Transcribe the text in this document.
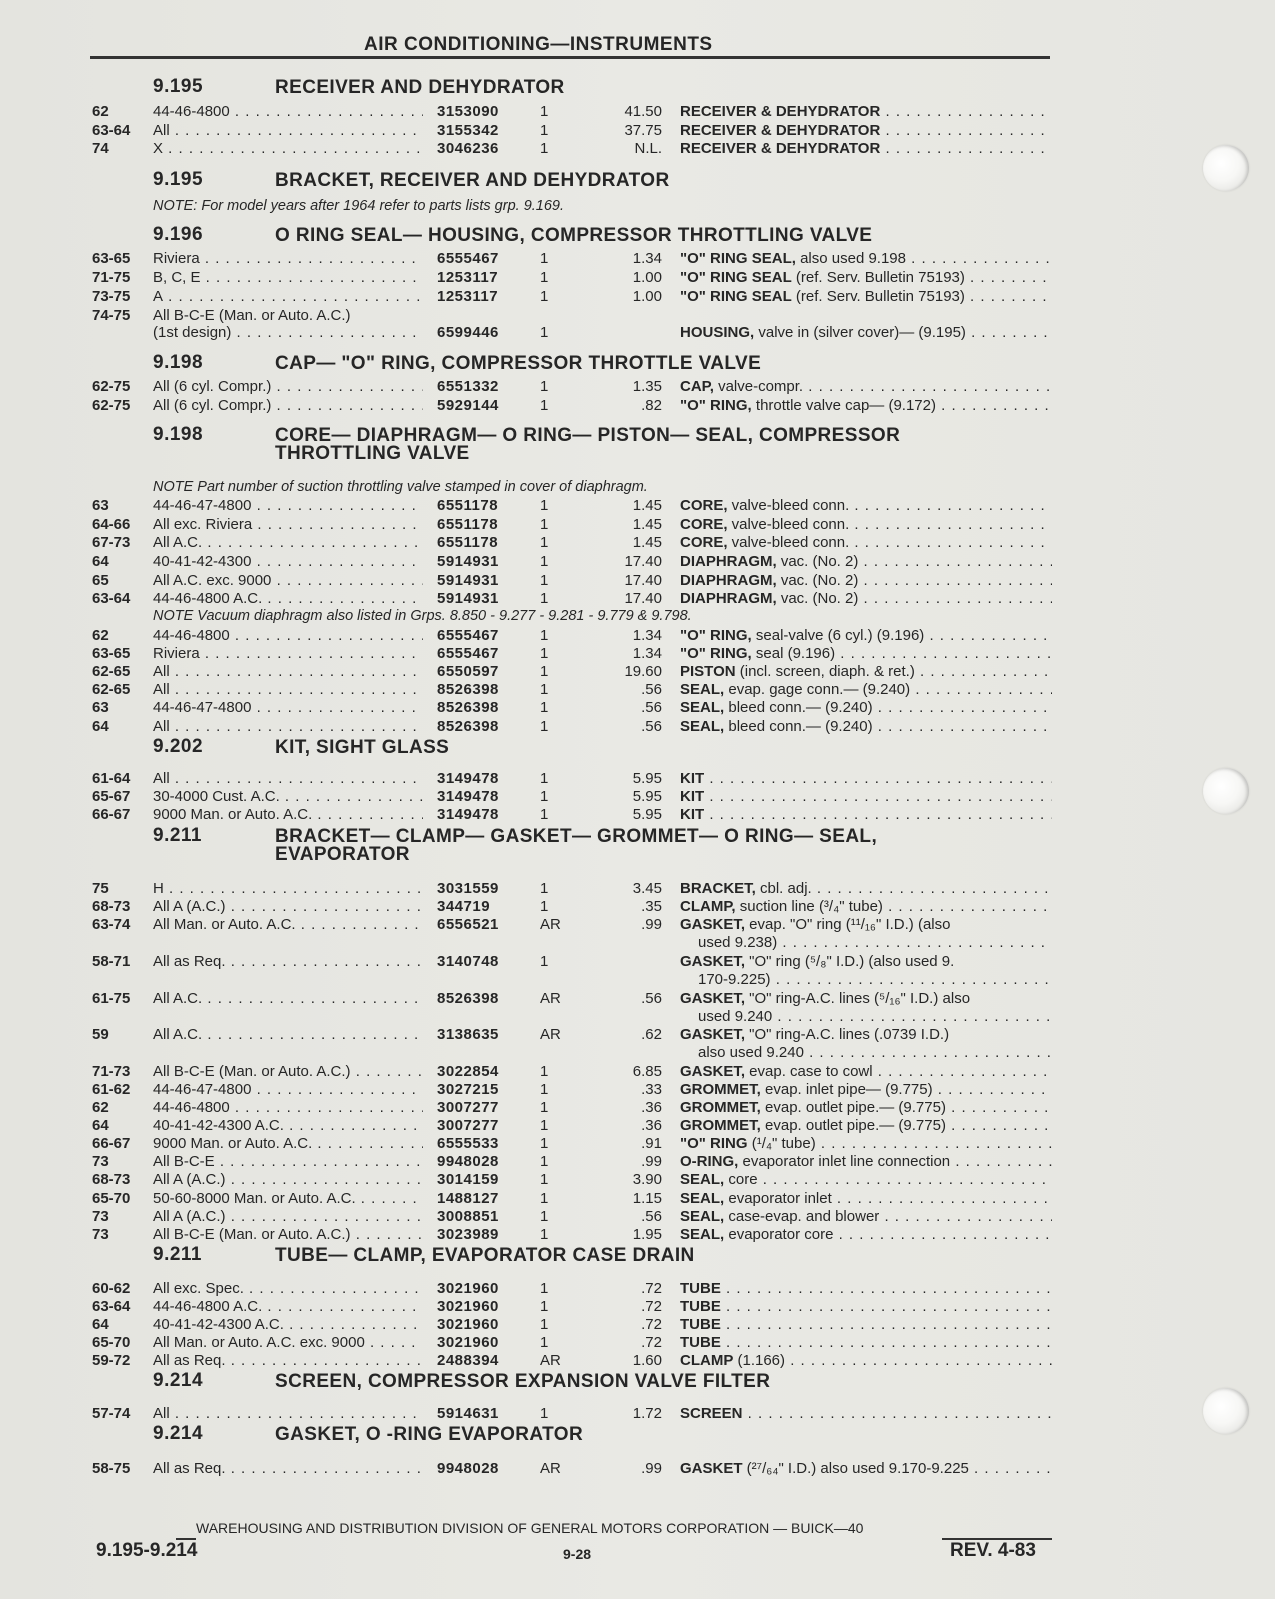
AIR CONDITIONING—INSTRUMENTS
9.195	RECEIVER AND DEHYDRATOR
9.195	BRACKET, RECEIVER AND DEHYDRATOR
9.196	O RING SEAL— HOUSING, COMPRESSOR THROTTLING VALVE
9.198	CAP— "O" RING, COMPRESSOR THROTTLE VALVE
9.198	CORE— DIAPHRAGM— O RING— PISTON— SEAL, COMPRESSOR
THROTTLING VALVE
9.202	KIT, SIGHT GLASS
9.211	BRACKET— CLAMP— GASKET— GROMMET— O RING— SEAL,
EVAPORATOR
9.211	TUBE— CLAMP, EVAPORATOR CASE DRAIN
9.214	SCREEN, COMPRESSOR EXPANSION VALVE FILTER
9.214	GASKET, O -RING EVAPORATOR
NOTE: For model years after 1964 refer to parts lists grp. 9.169.
NOTE Part number of suction throttling valve stamped in cover of diaphragm.
NOTE Vacuum diaphragm also listed in Grps. 8.850 - 9.277 - 9.281 - 9.779 & 9.798.
62	44-46-4800 . . .	3153090	1	41.50 RECEIVER & DEHYDRATOR . . .
63-64 All . . .	3155342	1	37.75 RECEIVER & DEHYDRATOR . . .
74	X . . .	3046236	1	N.L. RECEIVER & DEHYDRATOR . . .
63-65 Riviera . . .	6555467	1	1.34 "O" RING SEAL, also used 9.198 . . .
71-75 B, C, E . . .	1253117	1	1.00 "O" RING SEAL (ref. Serv. Bulletin 75193) . . .
73-75 A . . .	1253117	1	1.00 "O" RING SEAL (ref. Serv. Bulletin 75193) . . .
74-75 All B-C-E (Man. or Auto. A.C.)
(1st design) . . .	6599446	1	HOUSING, valve in (silver cover)— (9.195) . . .
62-75 All (6 cyl. Compr.) . . .	6551332	1	1.35 CAP, valve-compr. . . .
62-75 All (6 cyl. Compr.) . . .	5929144	1	.82 "O" RING, throttle valve cap— (9.172) . . .
63	44-46-47-4800 . . .	6551178	1	1.45 CORE, valve-bleed conn. . . .
64-66 All exc. Riviera . . .	6551178	1	1.45 CORE, valve-bleed conn. . . .
67-73 All A.C. . . .	6551178	1	1.45 CORE, valve-bleed conn. . . .
64	40-41-42-4300 . . .	5914931	1	17.40 DIAPHRAGM, vac. (No. 2) . . .
65	All A.C. exc. 9000 . . .	5914931	1	17.40 DIAPHRAGM, vac. (No. 2) . . .
63-64 44-46-4800 A.C. . . .	5914931	1	17.40 DIAPHRAGM, vac. (No. 2) . . .
62	44-46-4800 . . .	6555467	1	1.34 "O" RING, seal-valve (6 cyl.) (9.196) . . .
63-65 Riviera . . .	6555467	1	1.34 "O" RING, seal (9.196) . . .
62-65 All . . .	6550597	1	19.60 PISTON (incl. screen, diaph. & ret.) . . .
62-65 All . . .	8526398	1	.56 SEAL, evap. gage conn.— (9.240) . . .
63	44-46-47-4800 . . .	8526398	1	.56 SEAL, bleed conn.— (9.240) . . .
64	All . . .	8526398	1	.56 SEAL, bleed conn.— (9.240) . . .
61-64 All . . .	3149478	1	5.95 KIT . . .
65-67 30-4000 Cust. A.C. . . .	3149478	1	5.95 KIT . . .
66-67 9000 Man. or Auto. A.C. . . .	3149478	1	5.95 KIT . . .
75	H . . .	3031559	1	3.45 BRACKET, cbl. adj. . . .
68-73 All A (A.C.) . . .	344719	1	.35 CLAMP, suction line (³/₄" tube) . . .
63-74 All Man. or Auto. A.C. . . .	6556521	AR	.99 GASKET, evap. "O" ring (¹¹/₁₆" I.D.) (also
used 9.238) . . .
58-71 All as Req. . . .	3140748	1	GASKET, "O" ring (⁵/₈" I.D.) (also used 9.
170-9.225) . . .
61-75 All A.C. . . .	8526398	AR	.56 GASKET, "O" ring-A.C. lines (⁵/₁₆" I.D.) also
used 9.240 . . .
59	All A.C. . . .	3138635	AR	.62 GASKET, "O" ring-A.C. lines (.0739 I.D.)
also used 9.240 . . .
71-73 All B-C-E (Man. or Auto. A.C.) . . .	3022854	1	6.85 GASKET, evap. case to cowl . . .
61-62 44-46-47-4800 . . .	3027215	1	.33 GROMMET, evap. inlet pipe— (9.775) . . .
62	44-46-4800 . . .	3007277	1	.36 GROMMET, evap. outlet pipe.— (9.775) . . .
64	40-41-42-4300 A.C. . . .	3007277	1	.36 GROMMET, evap. outlet pipe.— (9.775) . . .
66-67 9000 Man. or Auto. A.C. . . .	6555533	1	.91 "O" RING (¹/₄" tube) . . .
73	All B-C-E . . .	9948028	1	.99 O-RING, evaporator inlet line connection . . .
68-73 All A (A.C.) . . .	3014159	1	3.90 SEAL, core . . .
65-70 50-60-8000 Man. or Auto. A.C. . . .	1488127	1	1.15 SEAL, evaporator inlet . . .
73	All A (A.C.) . . .	3008851	1	.56 SEAL, case-evap. and blower . . .
73	All B-C-E (Man. or Auto. A.C.) . . .	3023989	1	1.95 SEAL, evaporator core . . .
60-62 All exc. Spec. . . .	3021960	1	.72 TUBE . . .
63-64 44-46-4800 A.C. . . .	3021960	1	.72 TUBE . . .
64	40-41-42-4300 A.C. . . .	3021960	1	.72 TUBE . . .
65-70 All Man. or Auto. A.C. exc. 9000 . . .	3021960	1	.72 TUBE . . .
59-72 All as Req. . . .	2488394	AR	1.60 CLAMP (1.166) . . .
57-74 All . . .	5914631	1	1.72 SCREEN . . .
58-75 All as Req. . . .	9948028	AR	.99 GASKET (²⁷/₆₄" I.D.) also used 9.170-9.225 . . .
WAREHOUSING AND DISTRIBUTION DIVISION OF GENERAL MOTORS CORPORATION — BUICK—40
9.195-9.214	9-28	REV. 4-83
